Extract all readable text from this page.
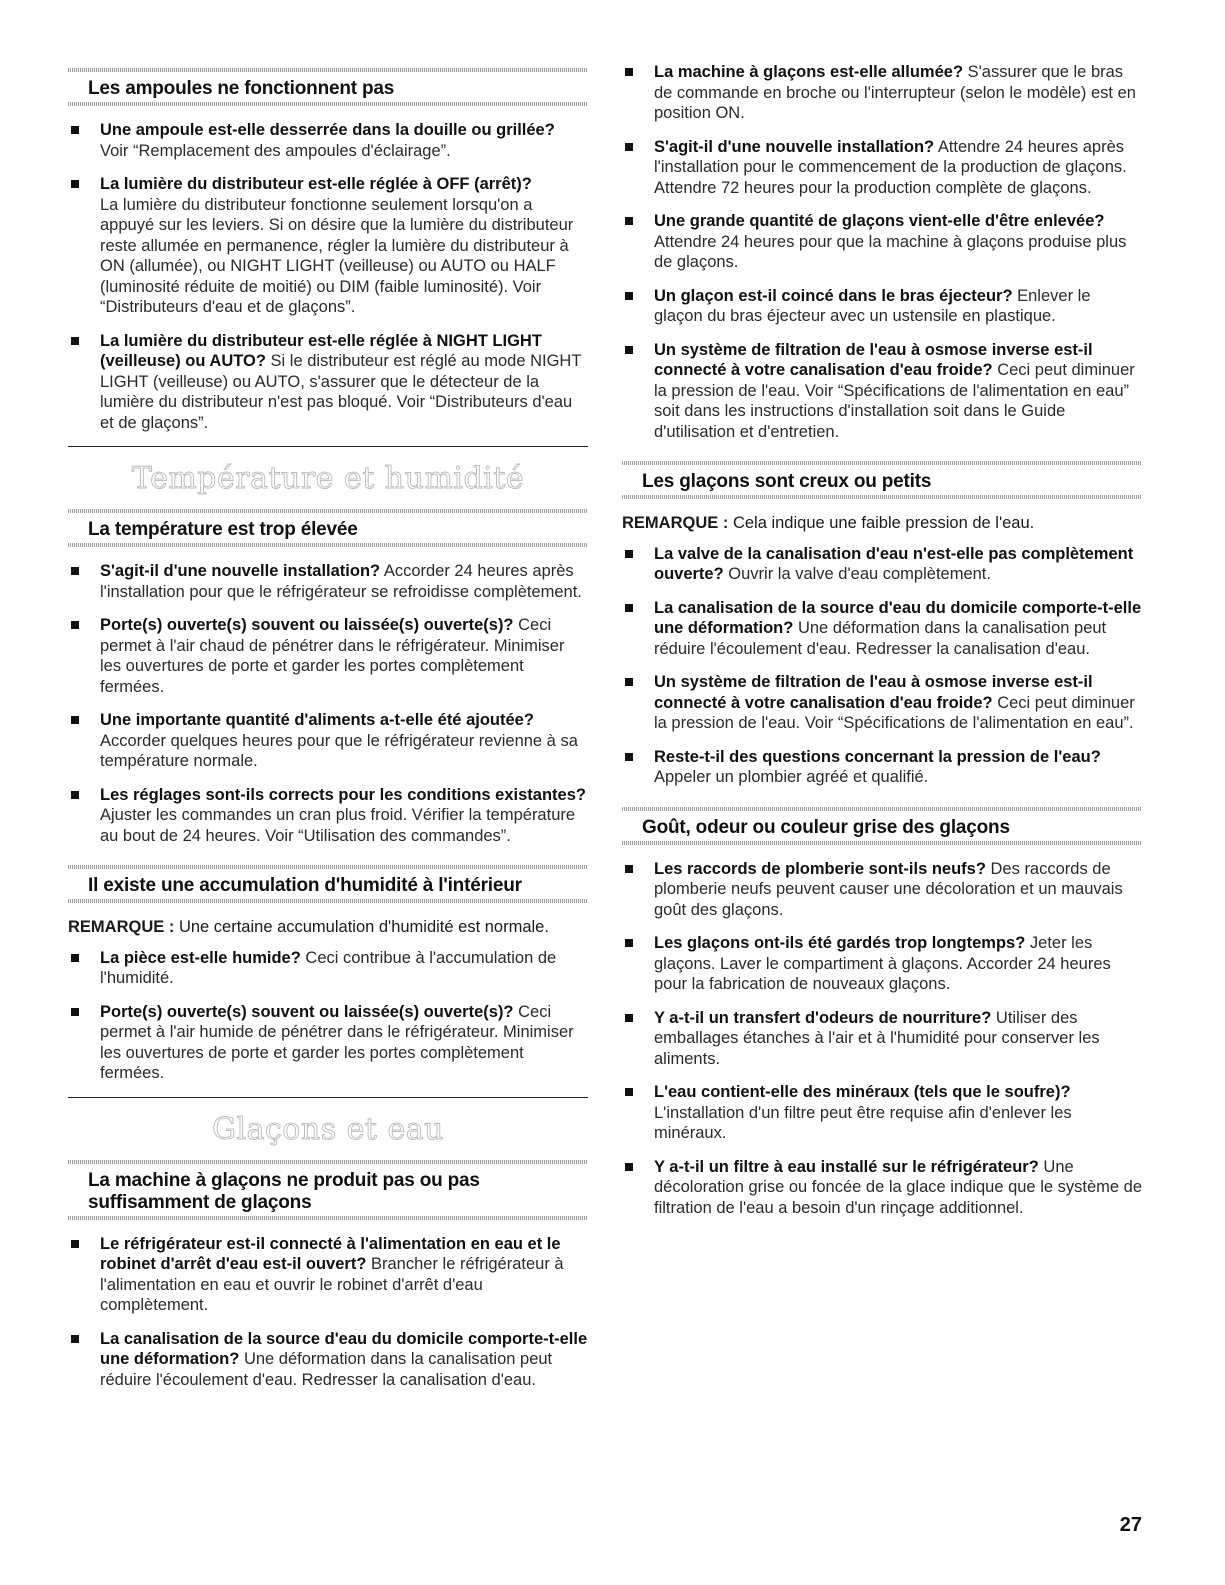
Les ampoules ne fonctionnent pas
Une ampoule est-elle desserrée dans la douille ou grillée?
Voir “Remplacement des ampoules d'éclairage”.
La lumière du distributeur est-elle réglée à OFF (arrêt)?
La lumière du distributeur fonctionne seulement lorsqu'on a appuyé sur les leviers. Si on désire que la lumière du distributeur reste allumée en permanence, régler la lumière du distributeur à ON (allumée), ou NIGHT LIGHT (veilleuse) ou AUTO ou HALF (luminosité réduite de moitié) ou DIM (faible luminosité). Voir “Distributeurs d'eau et de glaçons”.
La lumière du distributeur est-elle réglée à NIGHT LIGHT (veilleuse) ou AUTO? Si le distributeur est réglé au mode NIGHT LIGHT (veilleuse) ou AUTO, s'assurer que le détecteur de la lumière du distributeur n'est pas bloqué. Voir “Distributeurs d'eau et de glaçons”.
Température et humidité
La température est trop élevée
S'agit-il d'une nouvelle installation? Accorder 24 heures après l'installation pour que le réfrigérateur se refroidisse complètement.
Porte(s) ouverte(s) souvent ou laissée(s) ouverte(s)? Ceci permet à l'air chaud de pénétrer dans le réfrigérateur. Minimiser les ouvertures de porte et garder les portes complètement fermées.
Une importante quantité d'aliments a-t-elle été ajoutée?
Accorder quelques heures pour que le réfrigérateur revienne à sa température normale.
Les réglages sont-ils corrects pour les conditions existantes? Ajuster les commandes un cran plus froid. Vérifier la température au bout de 24 heures. Voir “Utilisation des commandes”.
Il existe une accumulation d'humidité à l'intérieur

REMARQUE : Une certaine accumulation d'humidité est normale.

La pièce est-elle humide? Ceci contribue à l'accumulation de l'humidité.
Porte(s) ouverte(s) souvent ou laissée(s) ouverte(s)? Ceci permet à l'air humide de pénétrer dans le réfrigérateur. Minimiser les ouvertures de porte et garder les portes complètement fermées.
Glaçons et eau
La machine à glaçons ne produit pas ou pas suffisamment de glaçons
Le réfrigérateur est-il connecté à l'alimentation en eau et le robinet d'arrêt d'eau est-il ouvert? Brancher le réfrigérateur à l'alimentation en eau et ouvrir le robinet d'arrêt d'eau complètement.
La canalisation de la source d'eau du domicile comporte-t-elle une déformation? Une déformation dans la canalisation peut réduire l'écoulement d'eau. Redresser la canalisation d'eau.
La machine à glaçons est-elle allumée? S'assurer que le bras de commande en broche ou l'interrupteur (selon le modèle) est en position ON.
S'agit-il d'une nouvelle installation? Attendre 24 heures après l'installation pour le commencement de la production de glaçons. Attendre 72 heures pour la production complète de glaçons.
Une grande quantité de glaçons vient-elle d'être enlevée?
Attendre 24 heures pour que la machine à glaçons produise plus de glaçons.
Un glaçon est-il coincé dans le bras éjecteur? Enlever le glaçon du bras éjecteur avec un ustensile en plastique.
Un système de filtration de l'eau à osmose inverse est-il connecté à votre canalisation d'eau froide? Ceci peut diminuer la pression de l'eau. Voir “Spécifications de l'alimentation en eau” soit dans les instructions d'installation soit dans le Guide d'utilisation et d'entretien.
Les glaçons sont creux ou petits

REMARQUE : Cela indique une faible pression de l'eau.

La valve de la canalisation d'eau n'est-elle pas complètement ouverte? Ouvrir la valve d'eau complètement.
La canalisation de la source d'eau du domicile comporte-t-elle une déformation? Une déformation dans la canalisation peut réduire l'écoulement d'eau. Redresser la canalisation d'eau.
Un système de filtration de l'eau à osmose inverse est-il connecté à votre canalisation d'eau froide? Ceci peut diminuer la pression de l'eau. Voir “Spécifications de l'alimentation en eau”.
Reste-t-il des questions concernant la pression de l'eau?
Appeler un plombier agréé et qualifié.
Goût, odeur ou couleur grise des glaçons
Les raccords de plomberie sont-ils neufs? Des raccords de plomberie neufs peuvent causer une décoloration et un mauvais goût des glaçons.
Les glaçons ont-ils été gardés trop longtemps? Jeter les glaçons. Laver le compartiment à glaçons. Accorder 24 heures pour la fabrication de nouveaux glaçons.
Y a-t-il un transfert d'odeurs de nourriture? Utiliser des emballages étanches à l'air et à l'humidité pour conserver les aliments.
L'eau contient-elle des minéraux (tels que le soufre)?
L'installation d'un filtre peut être requise afin d'enlever les minéraux.
Y a-t-il un filtre à eau installé sur le réfrigérateur? Une décoloration grise ou foncée de la glace indique que le système de filtration de l'eau a besoin d'un rinçage additionnel.
27
